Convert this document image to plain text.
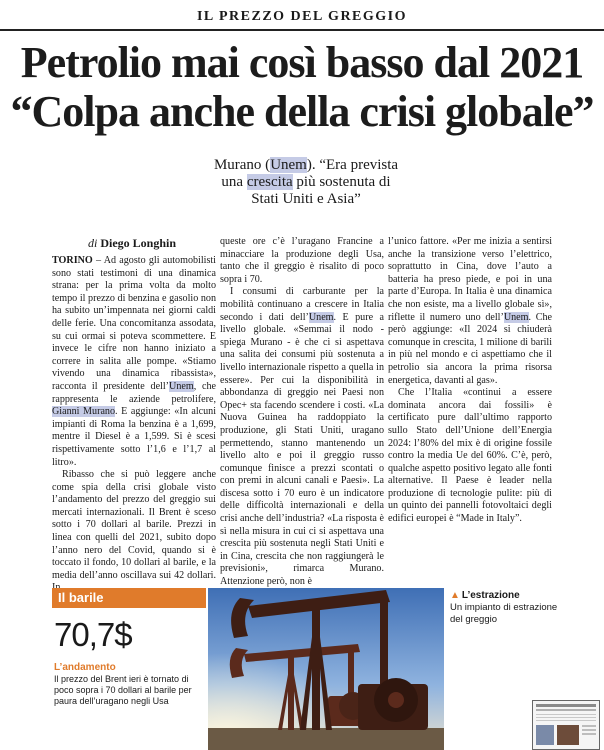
IL PREZZO DEL GREGGIO
Petrolio mai così basso dal 2021
“Colpa anche della crisi globale”
Murano (Unem). “Era prevista una crescita più sostenuta di Stati Uniti e Asia”
di Diego Longhin

TORINO – Ad agosto gli automobilisti sono stati testimoni di una dinamica strana: per la prima volta da molto tempo il prezzo di benzina e gasolio non ha subito un’impennata nei giorni caldi delle ferie. Una concomitanza assodata, su cui ormai si poteva scommettere. E invece le cifre non hanno iniziato a correre in salita alle pompe. «Stiamo vivendo una dinamica ribassista», racconta il presidente dell’Unem, che rappresenta le aziende petrolifere, Gianni Murano. E aggiunge: «In alcuni impianti di Roma la benzina è a 1,699, mentre il Diesel è a 1,599. Si è scesi rispettivamente sotto l’1,6 e l’1,7 al litro».

Ribasso che si può leggere anche come spia della crisi globale visto l’andamento del prezzo del greggio sui mercati internazionali. Il Brent è sceso sotto i 70 dollari al barile. Prezzi in linea con quelli del 2021, subito dopo l’anno nero del Covid, quando si è toccato il fondo, 10 dollari al barile, e la media dell’anno oscillava sui 42 dollari.

queste ore c’è l’uragano Francine a minacciare la produzione degli Usa, tanto che il greggio è risalito di poco sopra i 70.

I consumi di carburante per la mobilità continuano a crescere in Italia secondo i dati dell’Unem. E pure a livello globale. «Semmai il nodo - spiega Murano - è che ci si aspettava una salita dei consumi più sostenuta a livello internazionale rispetto a quella in essere». Per cui la disponibilità in abbondanza di greggio nei Paesi non Opec+ sta facendo scendere i costi. «La Nuova Guinea ha raddoppiato la produzione, gli Stati Uniti, uragano permettendo, stanno mantenendo un livello alto e poi il greggio russo comunque finisce a prezzi scontati o con premi in alcuni canali e Paesi». La discesa sotto i 70 euro è un indicatore delle difficoltà internazionali e della crisi anche dell’industria? «La risposta è sì nella misura in cui ci si aspettava una crescita più sostenuta negli Stati Uniti e in Cina, crescita che non raggiungerà le previsioni», rimarca Murano. Attenzione però, non è

l’unico fattore. «Per me inizia a sentirsi anche la transizione verso l’elettrico, soprattutto in Cina, dove l’auto a batteria ha preso piede, e poi in una parte d’Europa. In Italia è una dinamica che non esiste, ma a livello globale sì», riflette il numero uno dell’Unem. Che però aggiunge: «Il 2024 si chiuderà comunque in crescita, 1 milione di barili in più nel mondo e ci aspettiamo che il petrolio sia ancora la prima risorsa energetica, davanti al gas».

Che l’Italia «continui a essere dominata ancora dai fossili» è certificato pure dall’ultimo rapporto sullo Stato dell’Unione dell’Energia 2024: l’80% del mix è di origine fossile contro la media Ue del 60%. C’è, però, qualche aspetto positivo legato alle fonti alternative. Il Paese è leader nella produzione di tecnologie pulite: più di un quinto dei pannelli fotovoltaici degli edifici europei è “Made in Italy”.

Il barile
70,7$
L’andamento
Il prezzo del Brent ieri è tornato di poco sopra i 70 dollari al barile per paura dell’uragano negli Usa
▲ L’estrazione
Un impianto di estrazione del greggio
